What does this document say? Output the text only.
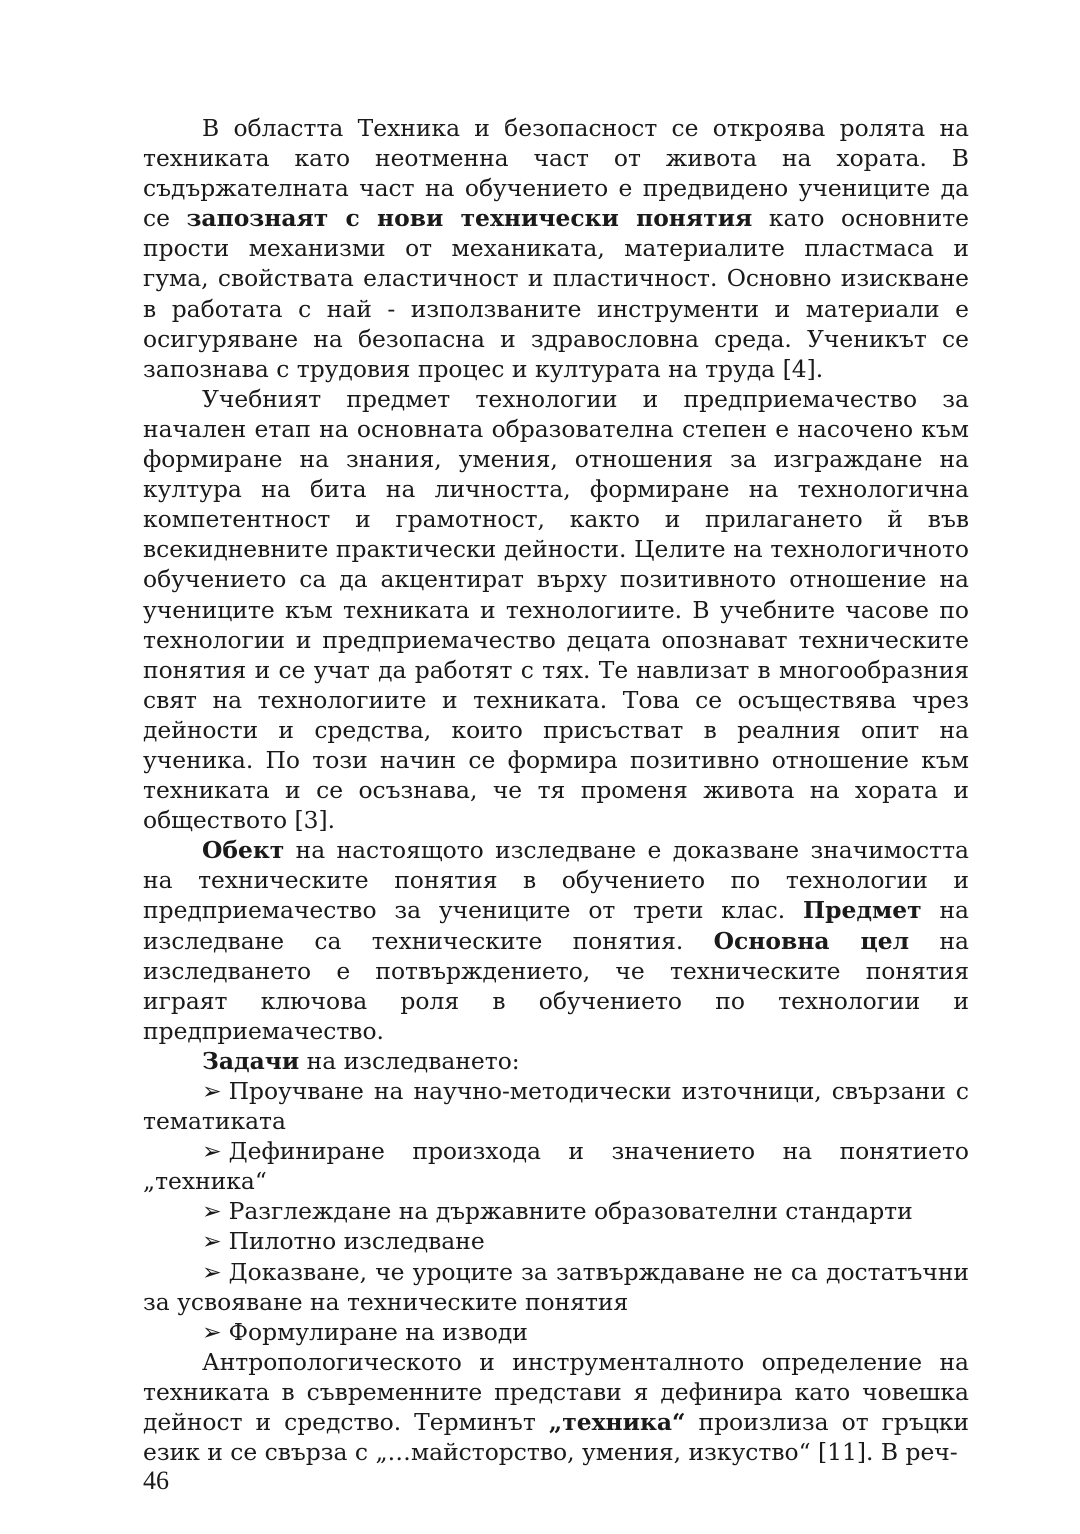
В областта Техника и безопасност се откроява ролята на техниката като неотменна част от живота на хората. В съдържателната част на обучението е предвидено учениците да се запознаят с нови технически понятия като основните прости механизми от механиката, материалите пластмаса и гума, свойствата еластичност и пластичност. Основно изискване в работата с най - използваните инструменти и материали е осигуряване на безопасна и здравословна среда. Ученикът се запознава с трудовия процес и културата на труда [4].

Учебният предмет технологии и предприемачество за начален етап на основната образователна степен е насочено към формиране на знания, умения, отношения за изграждане на култура на бита на личността, формиране на технологична компетентност и грамотност, както и прилагането й във всекидневните практически дейности. Целите на технологичното обучението са да акцентират върху позитивното отношение на учениците към техниката и технологиите. В учебните часове по технологии и предприемачество децата опознават техническите понятия и се учат да работят с тях. Те навлизат в многообразния свят на технологиите и техниката. Това се осъществява чрез дейности и средства, които присъстват в реалния опит на ученика. По този начин се формира позитивно отношение към техниката и се осъзнава, че тя променя живота на хората и обществото [3].

Обект на настоящото изследване е доказване значимостта на техническите понятия в обучението по технологии и предприемачество за учениците от трети клас. Предмет на изследване са техническите понятия. Основна цел на изследването е потвърждението, че техническите понятия играят ключова роля в обучението по технологии и предприемачество.

Задачи на изследването:

➢ Проучване на научно-методически източници, свързани с тематиката

➢ Дефиниране произхода и значението на понятието „техника“

➢ Разглеждане на държавните образователни стандарти

➢ Пилотно изследване

➢ Доказване, че уроците за затвърждаване не са достатъчни за усвояване на техническите понятия

➢ Формулиране на изводи

Антропологическото и инструменталното определение на техниката в съвременните представи я дефинира като човешка дейност и средство. Терминът „техника“ произлиза от гръцки език и се свърза с „…майсторство, умения, изкуство“ [11]. В реч-

46
